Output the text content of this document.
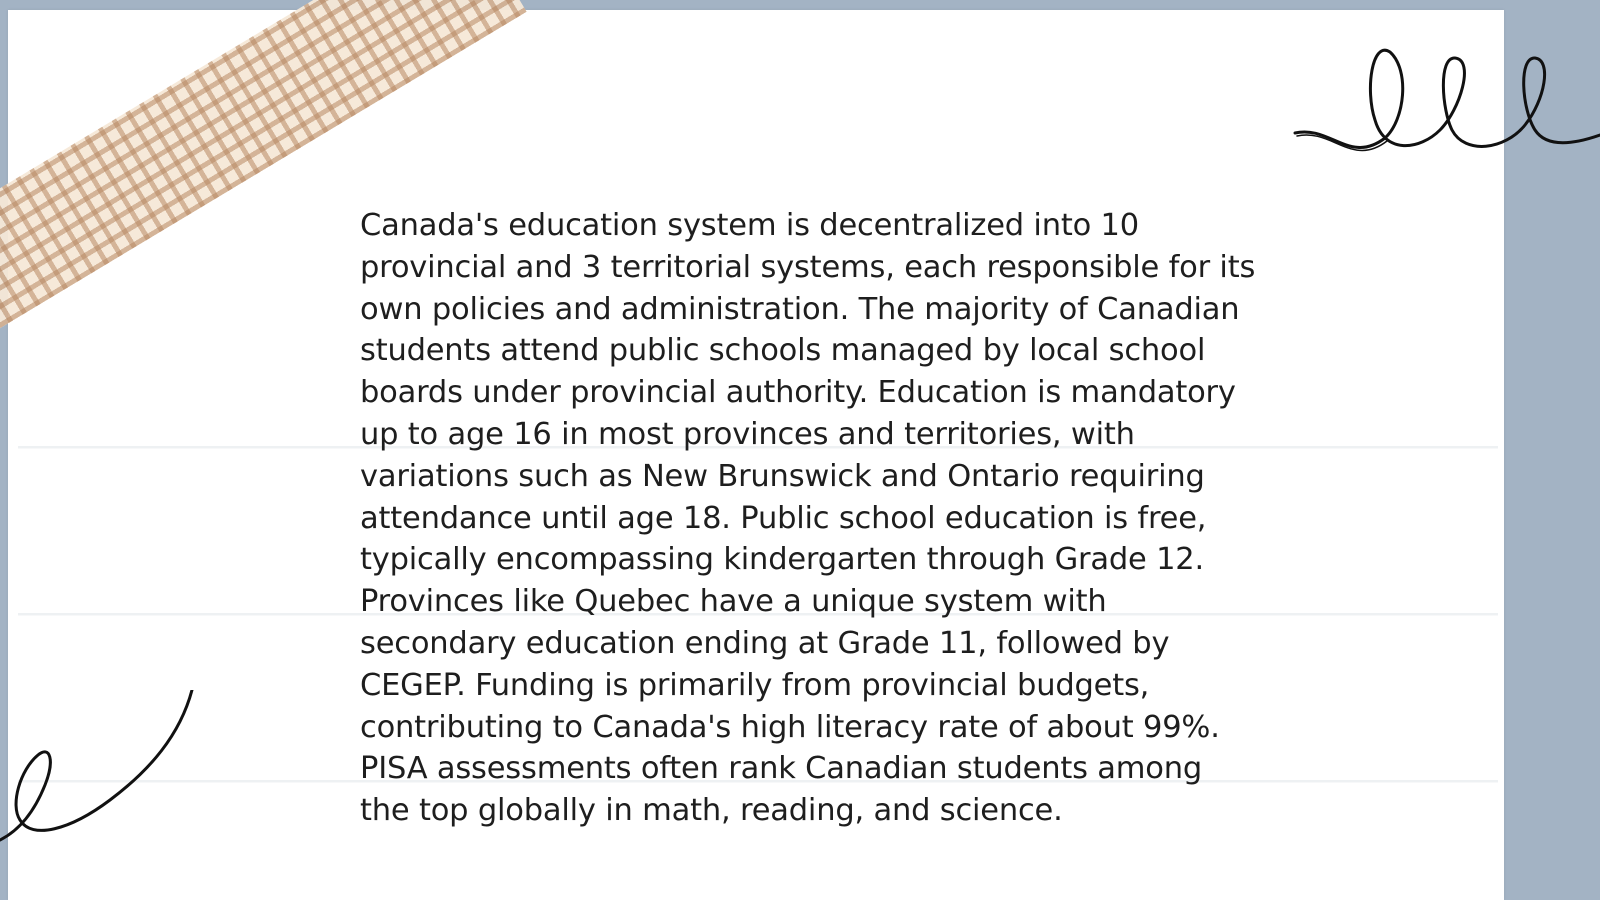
Canada's education system is decentralized into 10 provincial and 3 territorial systems, each responsible for its own policies and administration. The majority of Canadian students attend public schools managed by local school boards under provincial authority. Education is mandatory up to age 16 in most provinces and territories, with variations such as New Brunswick and Ontario requiring attendance until age 18. Public school education is free, typically encompassing kindergarten through Grade 12. Provinces like Quebec have a unique system with secondary education ending at Grade 11, followed by CEGEP. Funding is primarily from provincial budgets, contributing to Canada's high literacy rate of about 99%. PISA assessments often rank Canadian students among the top globally in math, reading, and science.
